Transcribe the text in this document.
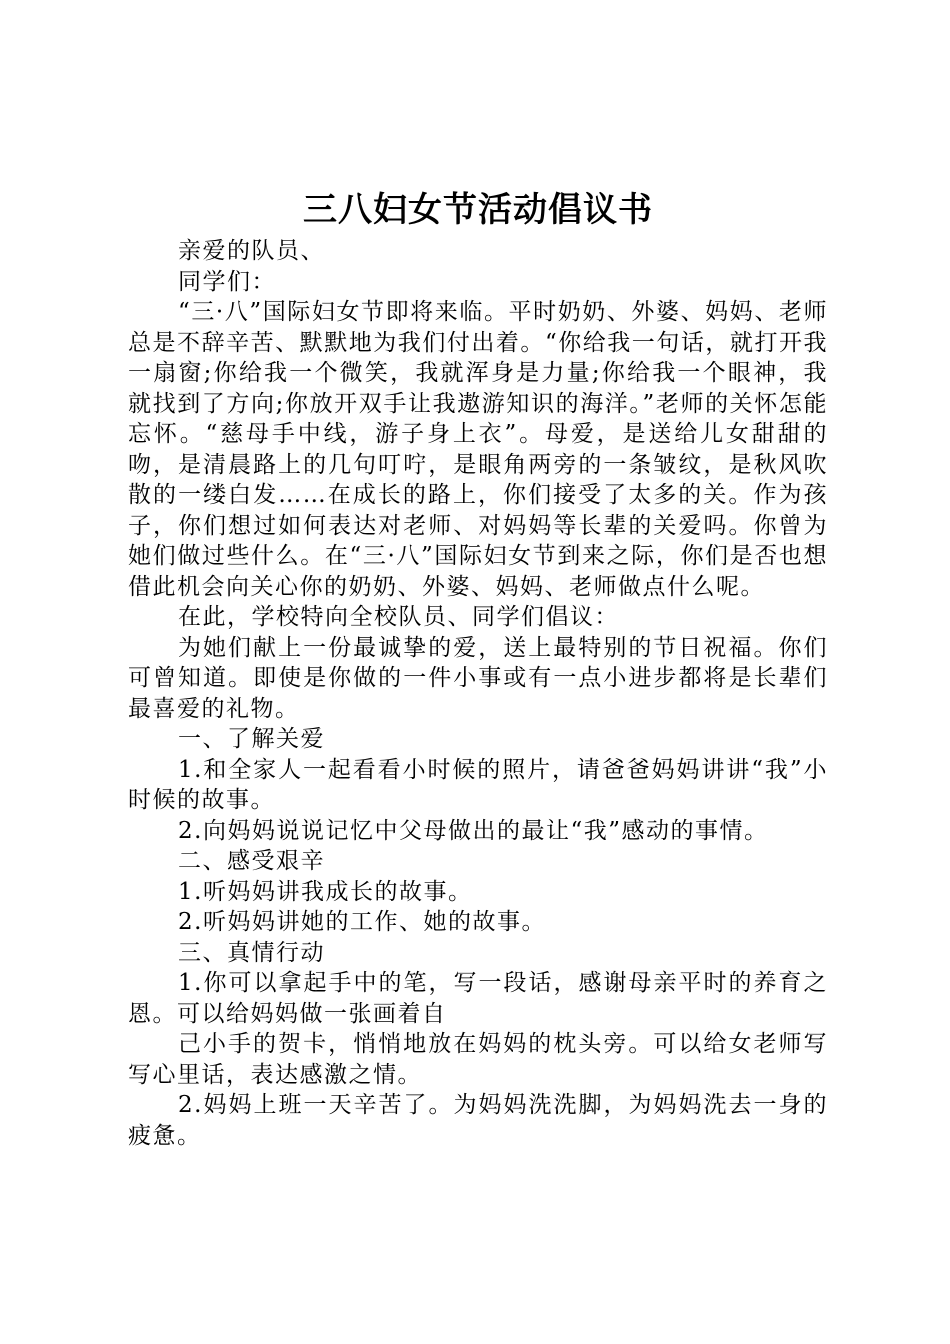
三八妇女节活动倡议书

亲爱的队员、

同学们：

“三·八”国际妇女节即将来临。平时奶奶、外婆、妈妈、老师总是不辞辛苦、默默地为我们付出着。“你给我一句话，就打开我一扇窗;你给我一个微笑，我就浑身是力量;你给我一个眼神，我就找到了方向;你放开双手让我遨游知识的海洋。”老师的关怀怎能忘怀。“慈母手中线，游子身上衣”。母爱，是送给儿女甜甜的吻，是清晨路上的几句叮咛，是眼角两旁的一条皱纹，是秋风吹散的一缕白发……在成长的路上，你们接受了太多的关。作为孩子，你们想过如何表达对老师、对妈妈等长辈的关爱吗。你曾为她们做过些什么。在“三·八”国际妇女节到来之际，你们是否也想借此机会向关心你的奶奶、外婆、妈妈、老师做点什么呢。

在此，学校特向全校队员、同学们倡议：

为她们献上一份最诚挚的爱，送上最特别的节日祝福。你们可曾知道。即使是你做的一件小事或有一点小进步都将是长辈们最喜爱的礼物。

一、了解关爱

1.和全家人一起看看小时候的照片，请爸爸妈妈讲讲“我”小时候的故事。

2.向妈妈说说记忆中父母做出的最让“我”感动的事情。

二、感受艰辛

1.听妈妈讲我成长的故事。

2.听妈妈讲她的工作、她的故事。

三、真情行动

1.你可以拿起手中的笔，写一段话，感谢母亲平时的养育之恩。可以给妈妈做一张画着自

己小手的贺卡，悄悄地放在妈妈的枕头旁。可以给女老师写写心里话，表达感激之情。

2.妈妈上班一天辛苦了。为妈妈洗洗脚，为妈妈洗去一身的疲惫。
